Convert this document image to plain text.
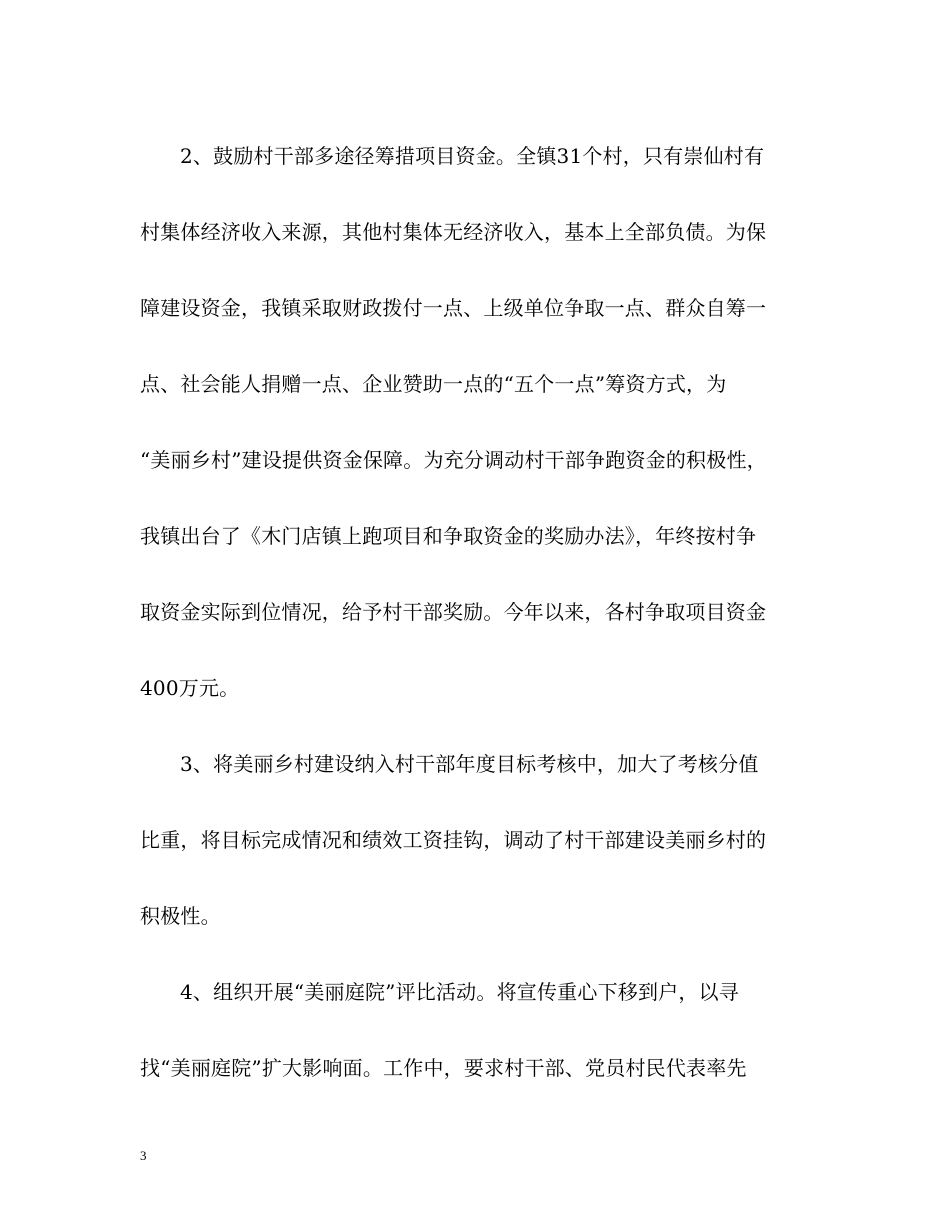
2、鼓励村干部多途径筹措项目资金。全镇31个村，只有崇仙村有
村集体经济收入来源，其他村集体无经济收入，基本上全部负债。为保
障建设资金，我镇采取财政拨付一点、上级单位争取一点、群众自筹一
点、社会能人捐赠一点、企业赞助一点的“五个一点”筹资方式，为
“美丽乡村”建设提供资金保障。为充分调动村干部争跑资金的积极性，
我镇出台了《木门店镇上跑项目和争取资金的奖励办法》，年终按村争
取资金实际到位情况，给予村干部奖励。今年以来，各村争取项目资金
400万元。
3、将美丽乡村建设纳入村干部年度目标考核中，加大了考核分值
比重，将目标完成情况和绩效工资挂钩，调动了村干部建设美丽乡村的
积极性。
4、组织开展“美丽庭院”评比活动。将宣传重心下移到户，以寻
找“美丽庭院”扩大影响面。工作中，要求村干部、党员村民代表率先
3
